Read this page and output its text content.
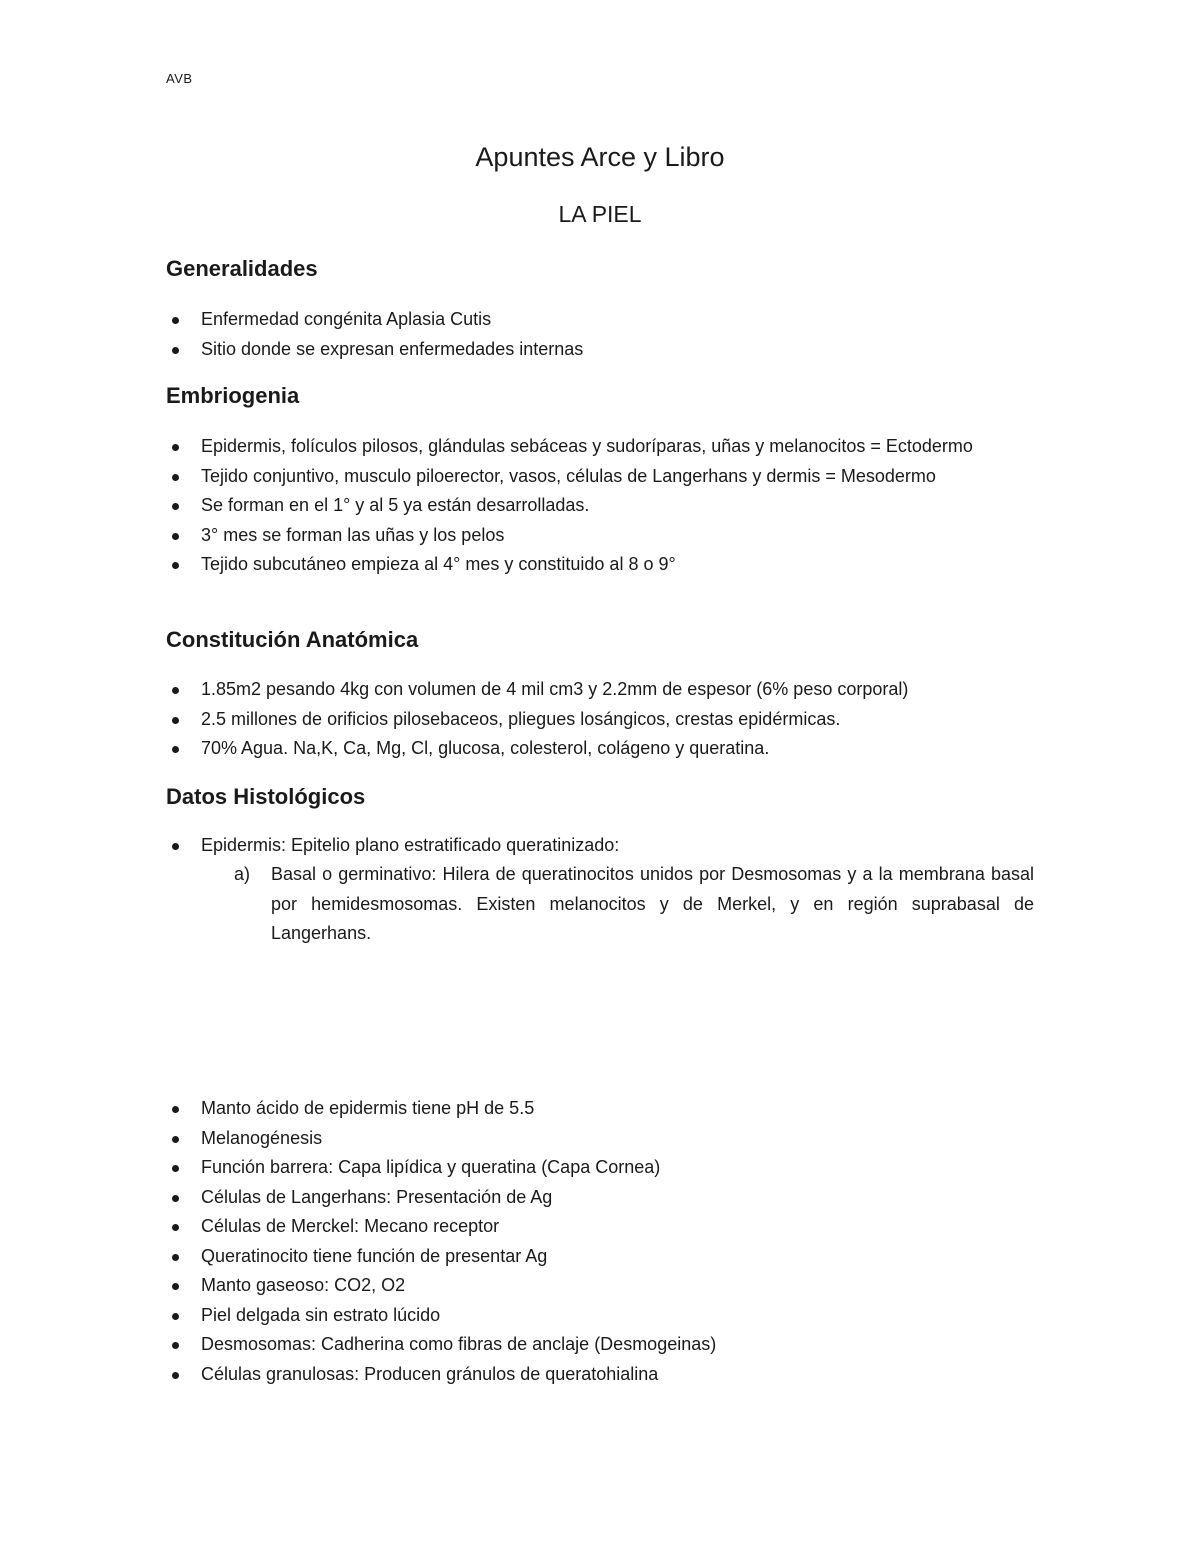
AVB
Apuntes Arce y Libro
LA PIEL
Generalidades
Enfermedad congénita Aplasia Cutis
Sitio donde se expresan enfermedades internas
Embriogenia
Epidermis, folículos pilosos, glándulas sebáceas y sudoríparas, uñas y melanocitos = Ectodermo
Tejido conjuntivo, musculo piloerector, vasos, células de Langerhans y dermis = Mesodermo
Se forman en el 1° y al 5 ya están desarrolladas.
3° mes se forman las uñas y los pelos
Tejido subcutáneo empieza al 4° mes y constituido al 8 o 9°
Constitución Anatómica
1.85m2 pesando 4kg con volumen de 4 mil cm3 y 2.2mm de espesor (6% peso corporal)
2.5 millones de orificios pilosebaceos, pliegues losángicos, crestas epidérmicas.
70% Agua. Na,K, Ca, Mg, Cl, glucosa, colesterol, colágeno y queratina.
Datos Histológicos
Epidermis: Epitelio plano estratificado queratinizado:
a) Basal o germinativo: Hilera de queratinocitos unidos por Desmosomas y a la membrana basal por hemidesmosomas. Existen melanocitos y de Merkel, y en región suprabasal de Langerhans.
Manto ácido de epidermis tiene pH de 5.5
Melanogénesis
Función barrera: Capa lipídica y queratina (Capa Cornea)
Células de Langerhans: Presentación de Ag
Células de Merckel: Mecano receptor
Queratinocito tiene función de presentar Ag
Manto gaseoso: CO2, O2
Piel delgada sin estrato lúcido
Desmosomas: Cadherina como fibras de anclaje (Desmogeinas)
Células granulosas: Producen gránulos de queratohialina
